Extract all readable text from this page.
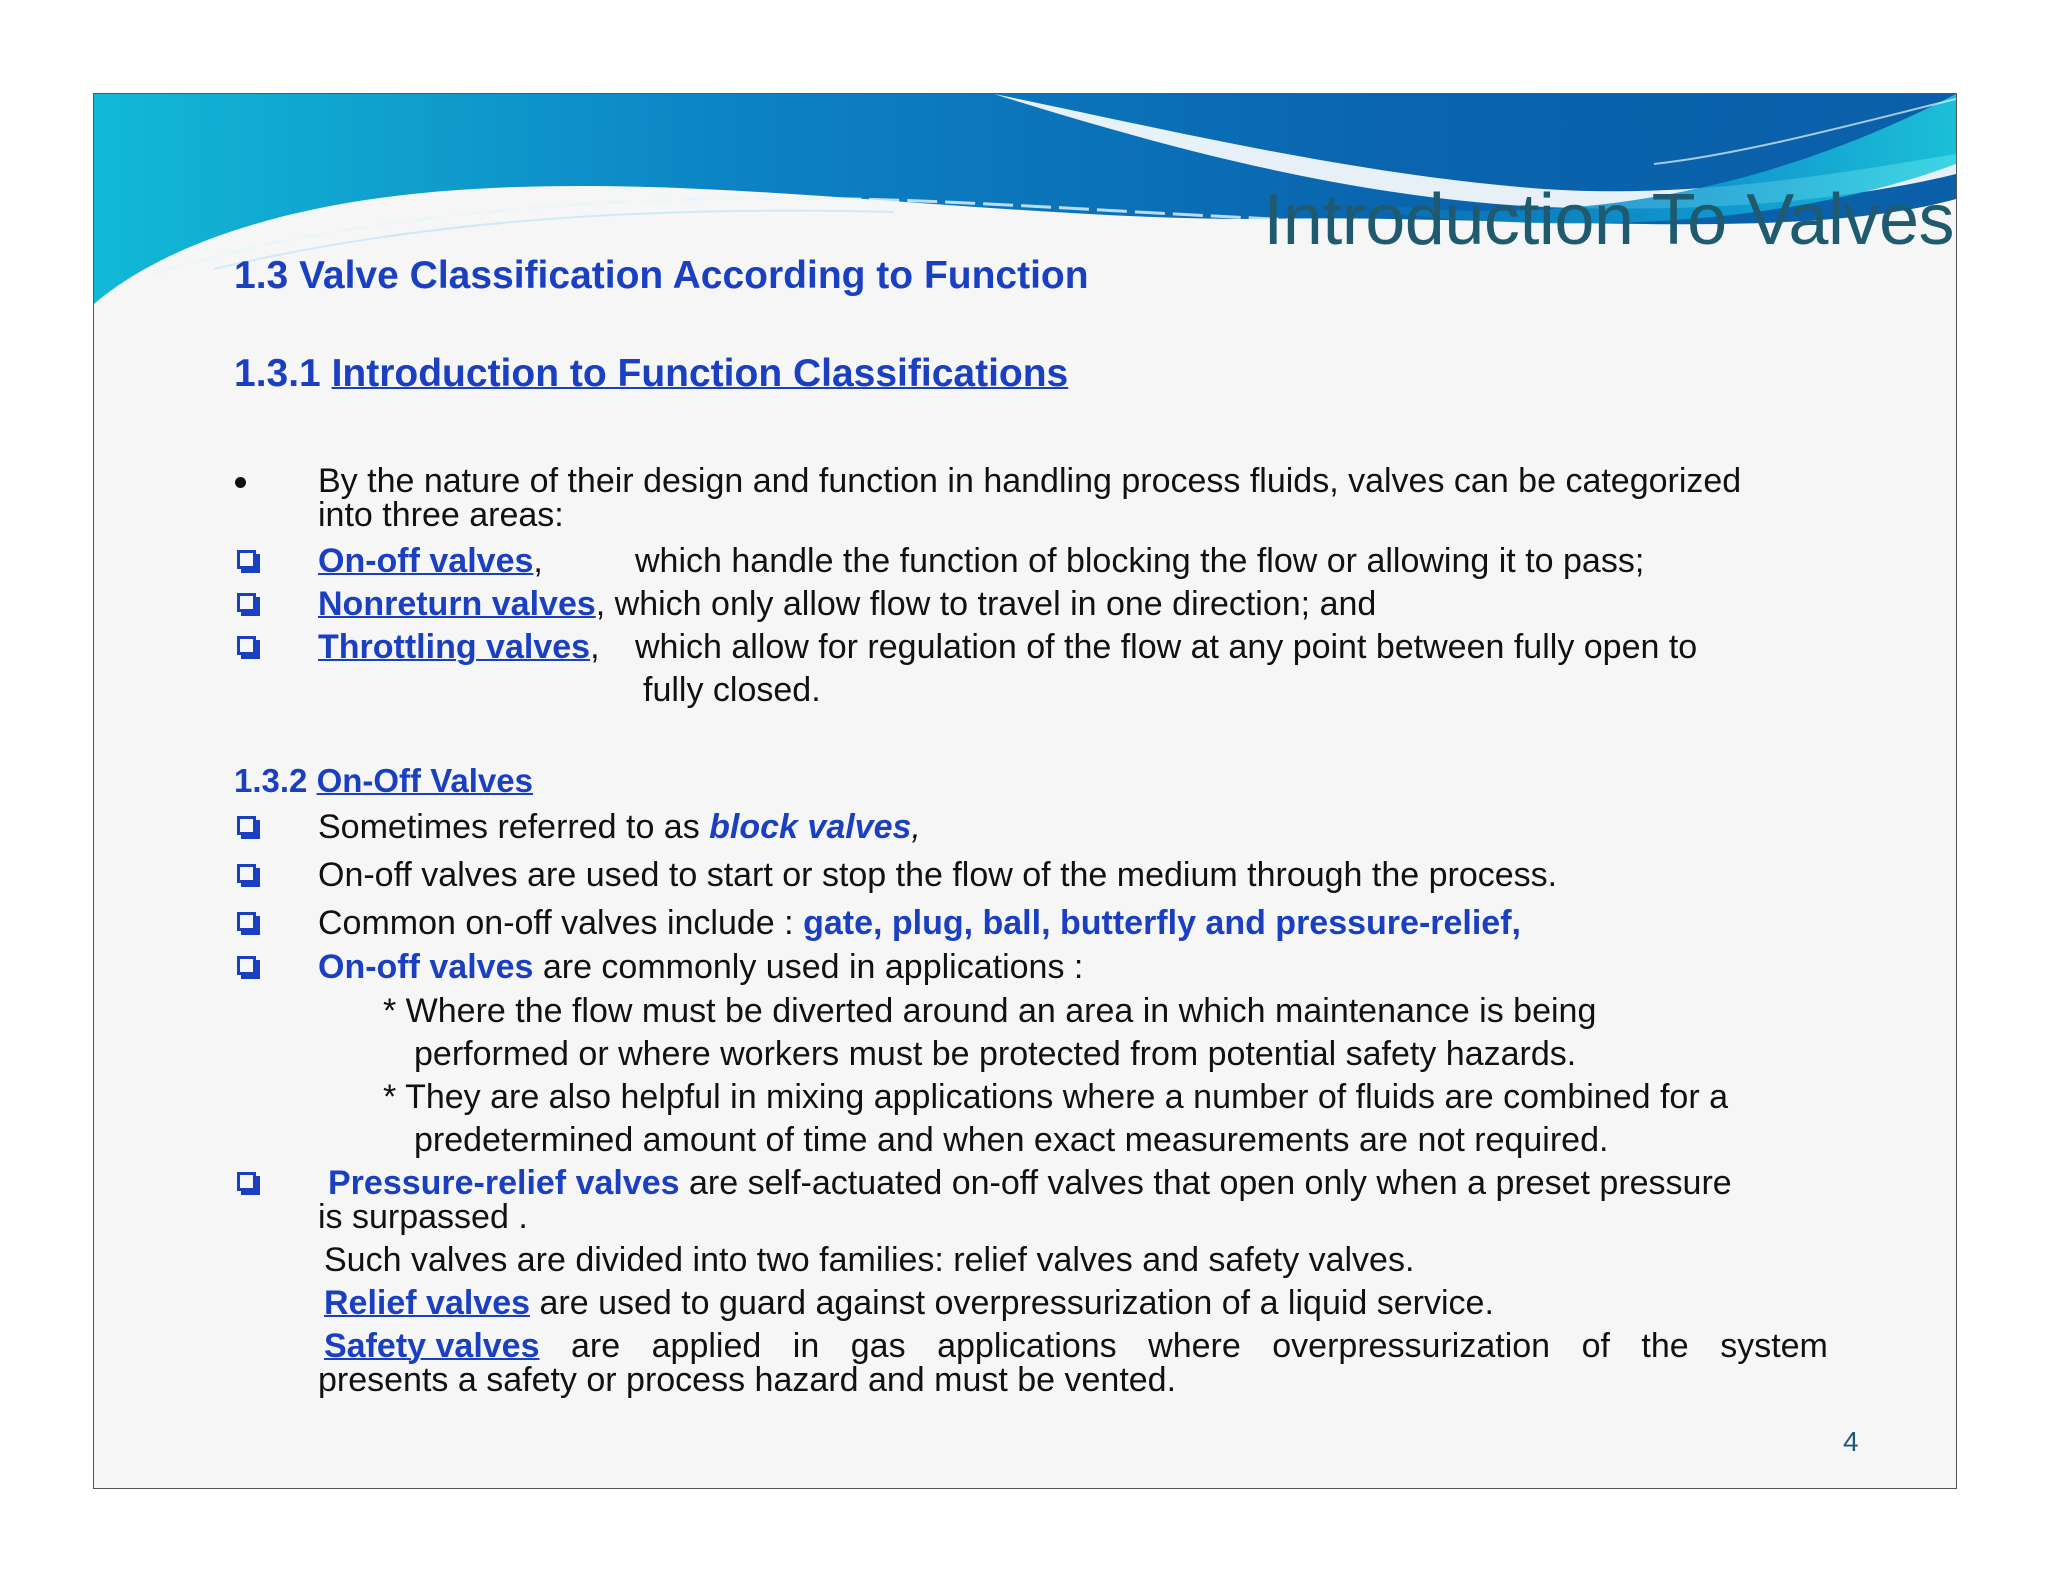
Introduction To Valves
1.3 Valve Classification According to Function
1.3.1 Introduction to Function Classifications
By the nature of their design and function in handling process fluids, valves can be categorized
into three areas:
On-off valves,	which handle the function of blocking the flow or allowing it to pass;
Nonreturn valves, which only allow flow to travel in one direction; and
Throttling valves, which allow for regulation of the flow at any point between fully open to
fully closed.
1.3.2 On-Off Valves
Sometimes referred to as block valves,
On-off valves are used to start or stop the flow of the medium through the process.
Common on-off valves include : gate, plug, ball, butterfly and pressure-relief,
On-off valves are commonly used in applications :
* Where the flow must be diverted around an area in which maintenance is being
performed or where workers must be protected from potential safety hazards.
* They are also helpful in mixing applications where a number of fluids are combined for a
predetermined amount of time and when exact measurements are not required.
Pressure-relief valves are self-actuated on-off valves that open only when a preset pressure
is surpassed .
Such valves are divided into two families: relief valves and safety valves.
Relief valves are used to guard against overpressurization of a liquid service.
Safety valves are applied in gas applications where overpressurization of the system
presents a safety or process hazard and must be vented.
4
